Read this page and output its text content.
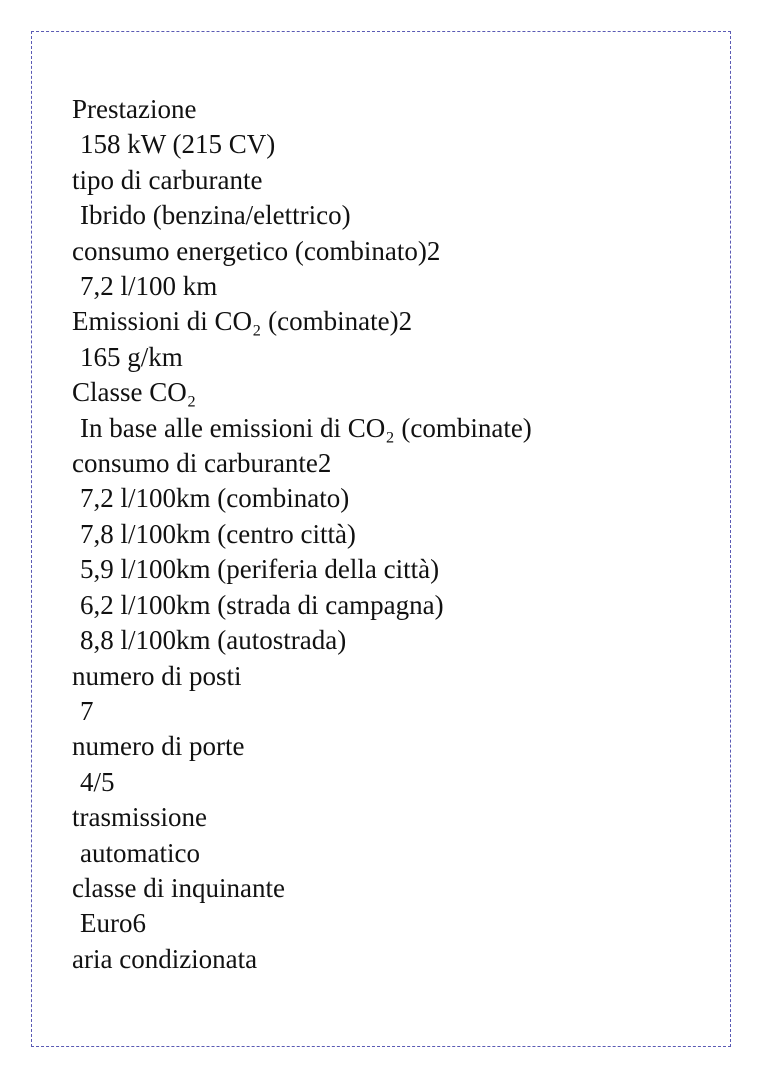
Prestazione
158 kW (215 CV)
tipo di carburante
Ibrido (benzina/elettrico)
consumo energetico (combinato)2
7,2 l/100 km
Emissioni di CO₂ (combinate)2
165 g/km
Classe CO₂
In base alle emissioni di CO₂ (combinate)
consumo di carburante2
7,2 l/100km (combinato)
7,8 l/100km (centro città)
5,9 l/100km (periferia della città)
6,2 l/100km (strada di campagna)
8,8 l/100km (autostrada)
numero di posti
7
numero di porte
4/5
trasmissione
automatico
classe di inquinante
Euro6
aria condizionata
